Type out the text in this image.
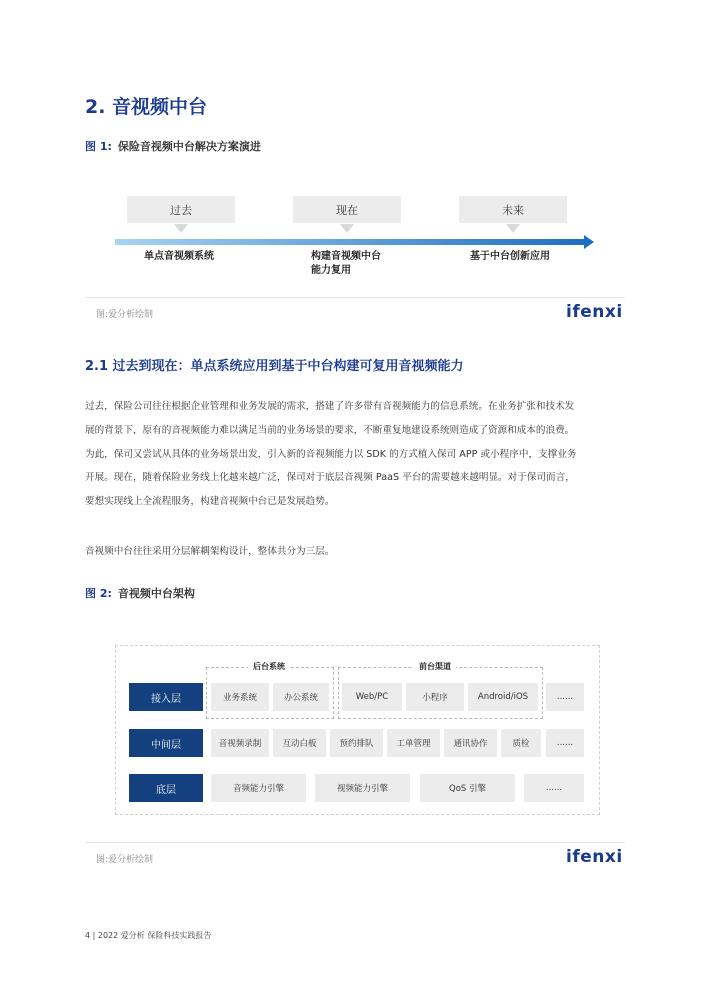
2. 音视频中台
图 1: 保险音视频中台解决方案演进
过去	现在	未来
单点音视频系统	构建音视频中台
能力复用
基于中台创新应用
图:爱分析绘制	ifenxi
2.1 过去到现在：单点系统应用到基于中台构建可复用音视频能力
过去，保险公司往往根据企业管理和业务发展的需求，搭建了许多带有音视频能力的信息系统。在业务扩张和技术发
展的背景下，原有的音视频能力难以满足当前的业务场景的要求，不断重复地建设系统则造成了资源和成本的浪费。
为此，保司又尝试从具体的业务场景出发，引入新的音视频能力以 SDK 的方式植入保司 APP 或小程序中，支撑业务
开展。现在，随着保险业务线上化越来越广泛，保司对于底层音视频 PaaS 平台的需要越来越明显。对于保司而言，
要想实现线上全流程服务，构建音视频中台已是发展趋势。
音视频中台往往采用分层解耦架构设计，整体共分为三层。
图 2: 音视频中台架构
后台系统	前台渠道
接入层	业务系统	办公系统	Web/PC	小程序	Android/iOS	......
中间层	音视频录制	互动白板	预约排队	工单管理	通讯协作	质检	......
底层	音频能力引擎	视频能力引擎	QoS 引擎	......
图:爱分析绘制	ifenxi
4 | 2022 爱分析 保险科技实践报告
